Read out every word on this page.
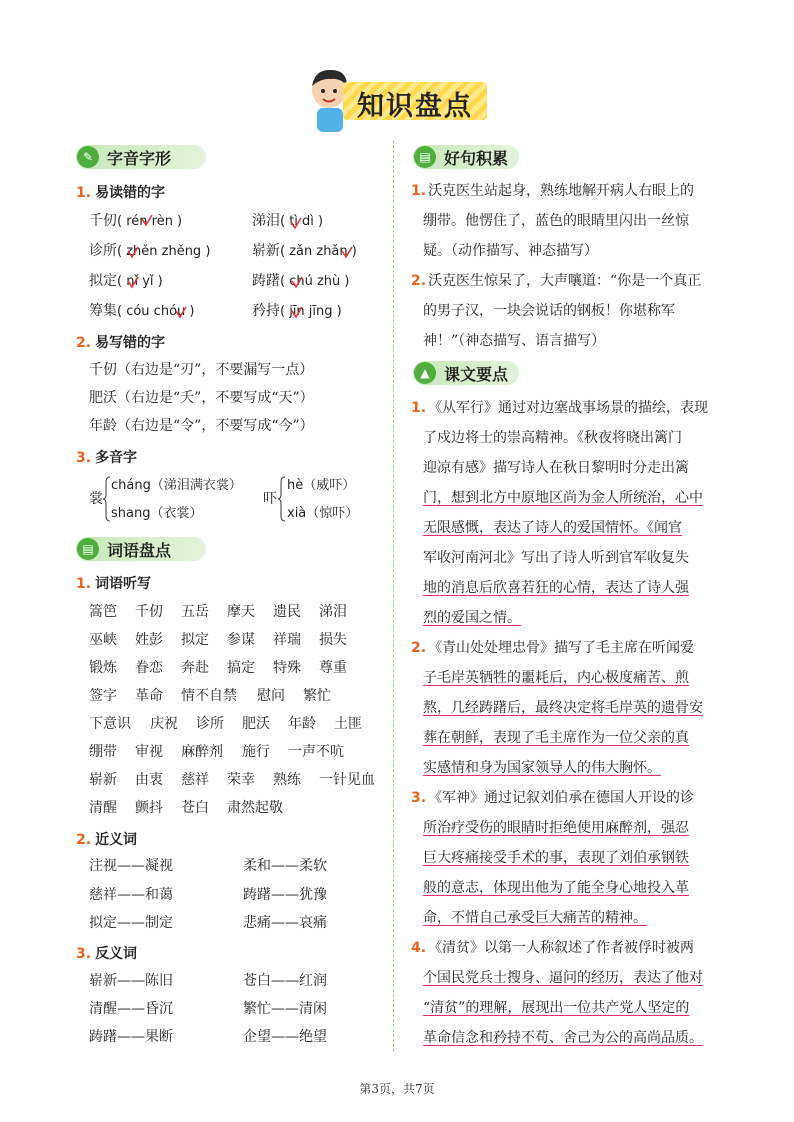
知识盘点
✎ 字音字形
1. 易读错的字
千仞( rén rèn )	涕泪( tì dì )
诊所( zhěn zhěng )	崭新( zǎn zhǎn )
拟定( nǐ yǐ )	踌躇( chú zhù )
筹集( cóu chóu )	矜持( jīn jīng )
2. 易写错的字
千仞（右边是“刃”，不要漏写一点）
肥沃（右边是“夭”，不要写成“天”）
年龄（右边是“令”，不要写成“今”）
3. 多音字
裳
cháng（涕泪满衣裳）
shang（衣裳）
吓
hè（威吓）
xià（惊吓）
▤ 词语盘点
1. 词语听写
篙笆 千仞 五岳 摩天 遗民 涕泪
巫峡 姓彭 拟定 参谋 祥瑞 损失
锻炼 眷恋 奔赴 搞定 特殊 尊重
签字 革命 情不自禁 慰问 繁忙
下意识 庆祝 诊所 肥沃 年龄 土匪
绷带 审视 麻醉剂 施行 一声不吭
崭新 由衷 慈祥 荣幸 熟练 一针见血
清醒 颤抖 苍白 肃然起敬
2. 近义词
注视——凝视	柔和——柔软
慈祥——和蔼	踌躇——犹豫
拟定——制定	悲痛——哀痛
3. 反义词
崭新——陈旧	苍白——红润
清醒——昏沉	繁忙——清闲
踌躇——果断	企望——绝望
▤ 好句积累
1. 沃克医生站起身，熟练地解开病人右眼上的
绷带。他愣住了，蓝色的眼睛里闪出一丝惊
疑。（动作描写、神态描写）
2. 沃克医生惊呆了，大声嚷道：“你是一个真正
的男子汉，一块会说话的钢板！你堪称军
神！”（神态描写、语言描写）
▲ 课文要点
1. 《从军行》通过对边塞战事场景的描绘，表现
了戍边将士的崇高精神。《秋夜将晓出篱门
迎凉有感》描写诗人在秋日黎明时分走出篱
门，想到北方中原地区尚为金人所统治，心中
无限感慨，表达了诗人的爱国情怀。《闻官
军收河南河北》写出了诗人听到官军收复失
地的消息后欣喜若狂的心情，表达了诗人强
烈的爱国之情。
2. 《青山处处埋忠骨》描写了毛主席在听闻爱
子毛岸英牺牲的噩耗后，内心极度痛苦、煎
熬，几经踌躇后，最终决定将毛岸英的遗骨安
葬在朝鲜，表现了毛主席作为一位父亲的真
实感情和身为国家领导人的伟大胸怀。
3. 《军神》通过记叙刘伯承在德国人开设的诊
所治疗受伤的眼睛时拒绝使用麻醉剂，强忍
巨大疼痛接受手术的事，表现了刘伯承钢铁
般的意志，体现出他为了能全身心地投入革
命，不惜自己承受巨大痛苦的精神。
4. 《清贫》以第一人称叙述了作者被俘时被两
个国民党兵士搜身、逼问的经历，表达了他对
“清贫”的理解，展现出一位共产党人坚定的
革命信念和矜持不苟、舍己为公的高尚品质。
第3页，共7页
